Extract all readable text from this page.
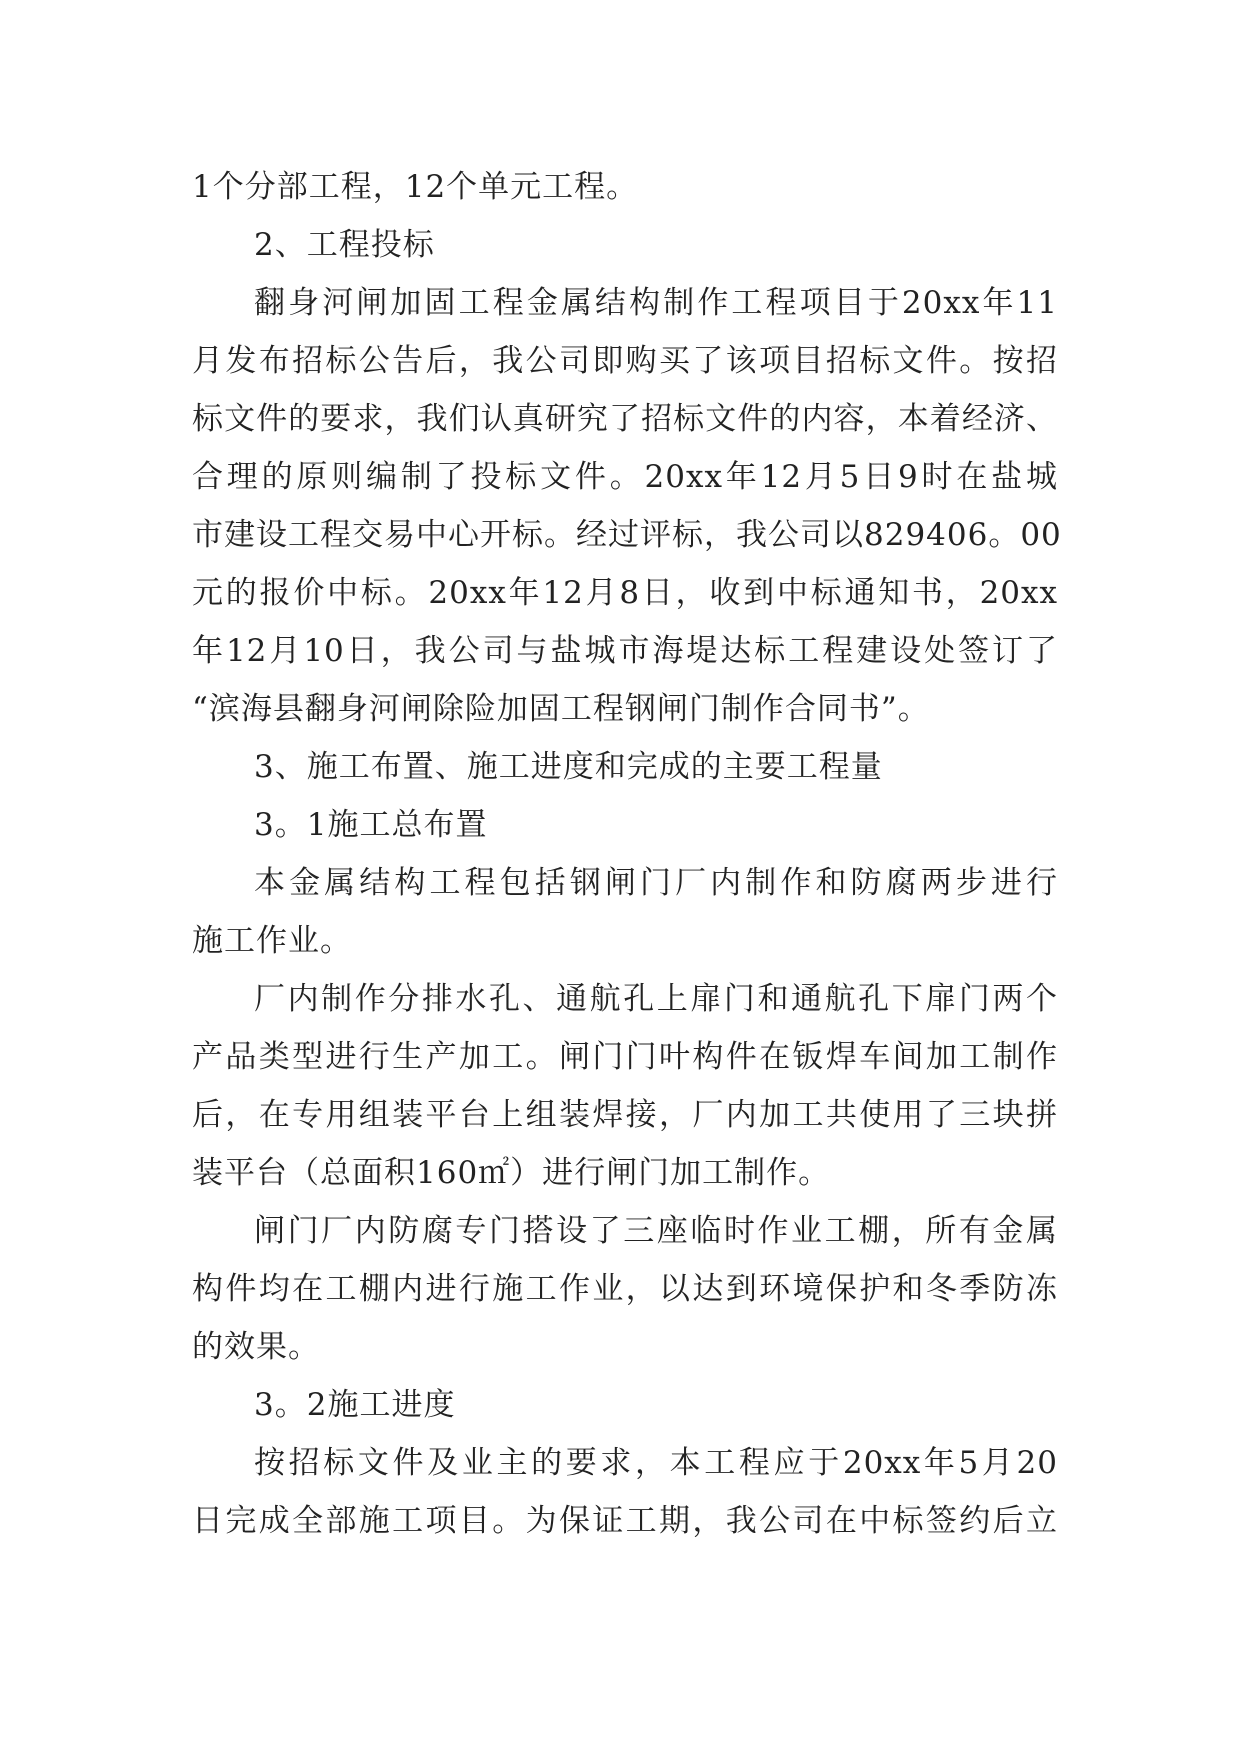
1个分部工程，12个单元工程。
2、工程投标
翻身河闸加固工程金属结构制作工程项目于20xx年11
月发布招标公告后，我公司即购买了该项目招标文件。按招
标文件的要求，我们认真研究了招标文件的内容，本着经济、
合理的原则编制了投标文件。20xx年12月5日9时在盐城
市建设工程交易中心开标。经过评标，我公司以829406。00
元的报价中标。20xx年12月8日，收到中标通知书，20xx
年12月10日，我公司与盐城市海堤达标工程建设处签订了
“滨海县翻身河闸除险加固工程钢闸门制作合同书”。
3、施工布置、施工进度和完成的主要工程量
3。1施工总布置
本金属结构工程包括钢闸门厂内制作和防腐两步进行
施工作业。
厂内制作分排水孔、通航孔上扉门和通航孔下扉门两个
产品类型进行生产加工。闸门门叶构件在钣焊车间加工制作
后，在专用组装平台上组装焊接，厂内加工共使用了三块拼
装平台（总面积160㎡）进行闸门加工制作。
闸门厂内防腐专门搭设了三座临时作业工棚，所有金属
构件均在工棚内进行施工作业，以达到环境保护和冬季防冻
的效果。
3。2施工进度
按招标文件及业主的要求，本工程应于20xx年5月20
日完成全部施工项目。为保证工期，我公司在中标签约后立
